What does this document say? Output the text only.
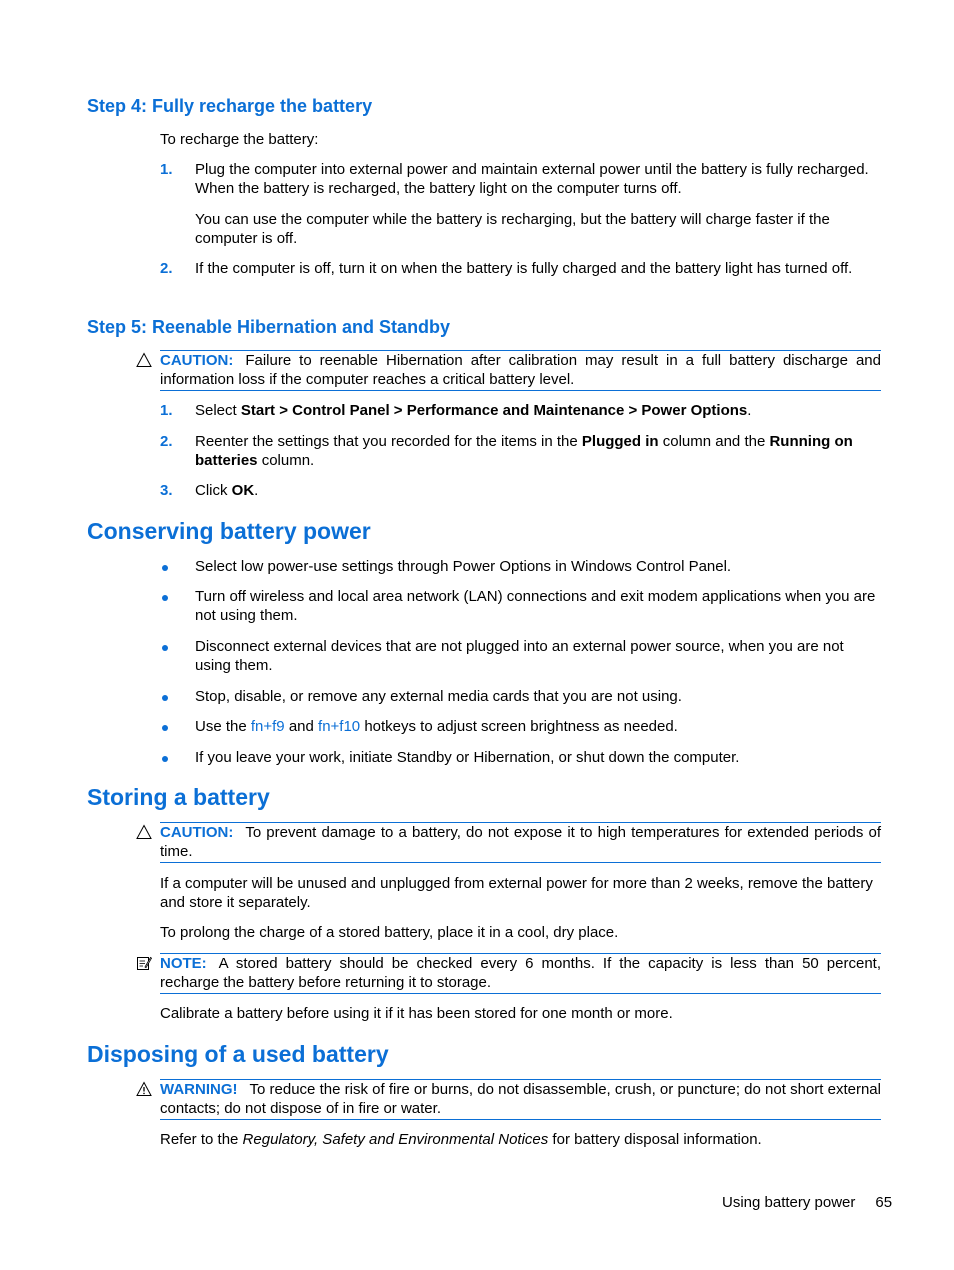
Step 4: Fully recharge the battery
To recharge the battery:
1. Plug the computer into external power and maintain external power until the battery is fully recharged. When the battery is recharged, the battery light on the computer turns off.
You can use the computer while the battery is recharging, but the battery will charge faster if the computer is off.
2. If the computer is off, turn it on when the battery is fully charged and the battery light has turned off.
Step 5: Reenable Hibernation and Standby
CAUTION: Failure to reenable Hibernation after calibration may result in a full battery discharge and information loss if the computer reaches a critical battery level.
1. Select Start > Control Panel > Performance and Maintenance > Power Options.
2. Reenter the settings that you recorded for the items in the Plugged in column and the Running on batteries column.
3. Click OK.
Conserving battery power
Select low power-use settings through Power Options in Windows Control Panel.
Turn off wireless and local area network (LAN) connections and exit modem applications when you are not using them.
Disconnect external devices that are not plugged into an external power source, when you are not using them.
Stop, disable, or remove any external media cards that you are not using.
Use the fn+f9 and fn+f10 hotkeys to adjust screen brightness as needed.
If you leave your work, initiate Standby or Hibernation, or shut down the computer.
Storing a battery
CAUTION: To prevent damage to a battery, do not expose it to high temperatures for extended periods of time.
If a computer will be unused and unplugged from external power for more than 2 weeks, remove the battery and store it separately.
To prolong the charge of a stored battery, place it in a cool, dry place.
NOTE: A stored battery should be checked every 6 months. If the capacity is less than 50 percent, recharge the battery before returning it to storage.
Calibrate a battery before using it if it has been stored for one month or more.
Disposing of a used battery
WARNING! To reduce the risk of fire or burns, do not disassemble, crush, or puncture; do not short external contacts; do not dispose of in fire or water.
Refer to the Regulatory, Safety and Environmental Notices for battery disposal information.
Using battery power 65
